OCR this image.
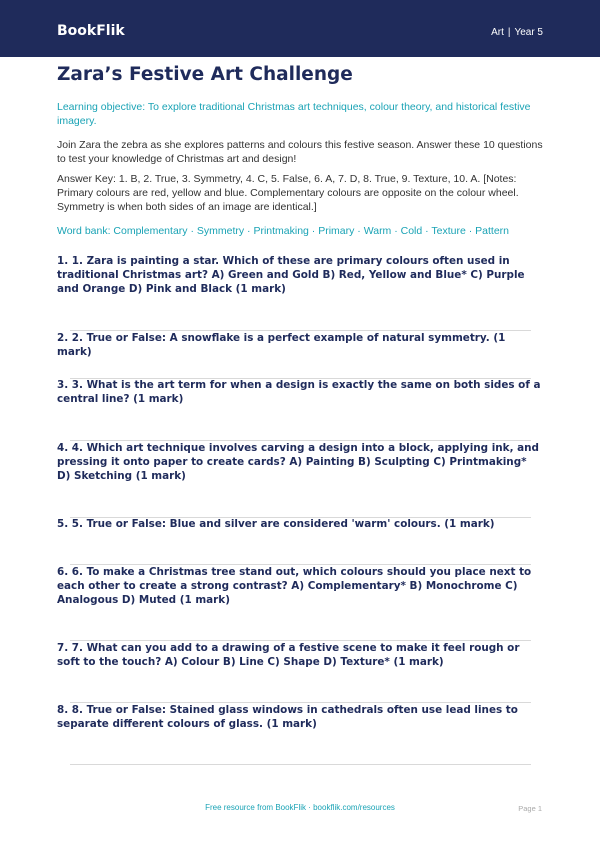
BookFlik	Art | Year 5
Zara’s Festive Art Challenge

Learning objective: To explore traditional Christmas art techniques, colour theory, and historical festive imagery.

Join Zara the zebra as she explores patterns and colours this festive season. Answer these 10 questions to test your knowledge of Christmas art and design!

Answer Key: 1. B, 2. True, 3. Symmetry, 4. C, 5. False, 6. A, 7. D, 8. True, 9. Texture, 10. A. [Notes: Primary colours are red, yellow and blue. Complementary colours are opposite on the colour wheel. Symmetry is when both sides of an image are identical.]

Word bank: Complementary · Symmetry · Printmaking · Primary · Warm · Cold · Texture · Pattern

1. 1. Zara is painting a star. Which of these are primary colours often used in traditional Christmas art? A) Green and Gold B) Red, Yellow and Blue* C) Purple and Orange D) Pink and Black (1 mark)

2. 2. True or False: A snowflake is a perfect example of natural symmetry. (1 mark)

3. 3. What is the art term for when a design is exactly the same on both sides of a central line? (1 mark)

4. 4. Which art technique involves carving a design into a block, applying ink, and pressing it onto paper to create cards? A) Painting B) Sculpting C) Printmaking* D) Sketching (1 mark)

5. 5. True or False: Blue and silver are considered 'warm' colours. (1 mark)

6. 6. To make a Christmas tree stand out, which colours should you place next to each other to create a strong contrast? A) Complementary* B) Monochrome C) Analogous D) Muted (1 mark)

7. 7. What can you add to a drawing of a festive scene to make it feel rough or soft to the touch? A) Colour B) Line C) Shape D) Texture* (1 mark)

8. 8. True or False: Stained glass windows in cathedrals often use lead lines to separate different colours of glass. (1 mark)

Free resource from BookFlik · bookflik.com/resources	Page 1
